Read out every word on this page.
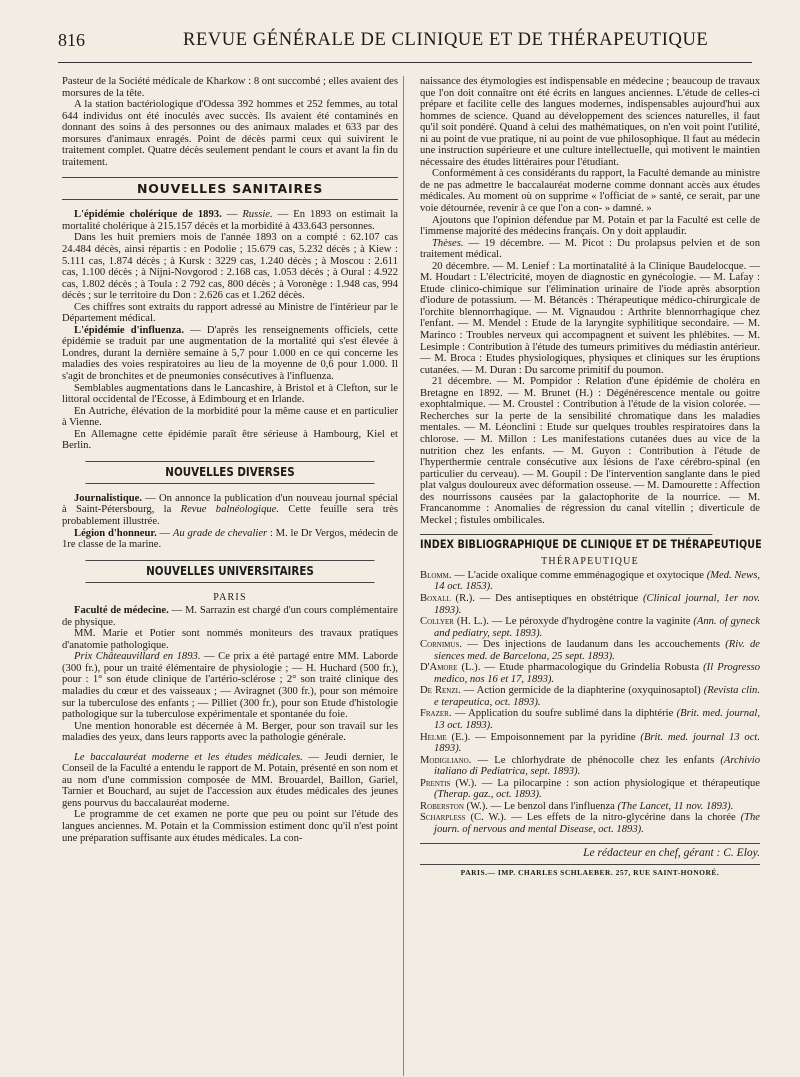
816	REVUE GÉNÉRALE DE CLINIQUE ET DE THÉRAPEUTIQUE

Pasteur de la Société médicale de Kharkow : 8 ont succombé ; elles avaient des morsures de la tête.

A la station bactériologique d'Odessa 392 hommes et 252 femmes, au total 644 individus ont été inoculés avec succès. Ils avaient été contaminés en donnant des soins à des personnes ou des animaux malades et 633 par des morsures d'animaux enragés. Point de décès parmi ceux qui suivirent le traitement complet. Quatre décès seulement pendant le cours et avant la fin du traitement.

NOUVELLES SANITAIRES

L'épidémie cholérique de 1893. — Russie. — En 1893 on estimait la mortalité cholérique à 215.157 décès et la morbidité à 433.643 personnes.

Dans les huit premiers mois de l'année 1893 on a compté : 62.107 cas 24.484 décès, ainsi répartis : en Podolie ; 15.679 cas, 5.232 décès ; à Kiew : 5.111 cas, 1.874 décès ; à Kursk : 3229 cas, 1.240 décès ; à Moscou : 2.611 cas, 1.100 décès ; à Nijni-Novgorod : 2.168 cas, 1.053 décès ; à Oural : 4.922 cas, 1.802 décès ; à Toula : 2 792 cas, 800 décès ; à Voronège : 1.948 cas, 994 décès ; sur le territoire du Don : 2.626 cas et 1.262 décès.

Ces chiffres sont extraits du rapport adressé au Ministre de l'intérieur par le Département médical.

L'épidémie d'influenza. — D'après les renseignements officiels, cette épidémie se traduit par une augmentation de la mortalité qui s'est élevée à Londres, durant la dernière semaine à 5,7 pour 1.000 en ce qui concerne les maladies des voies respiratoires au lieu de la moyenne de 0,6 pour 1.000. Il s'agit de bronchites et de pneumonies consécutives à l'influenza.

Semblables augmentations dans le Lancashire, à Bristol et à Clefton, sur le littoral occidental de l'Ecosse, à Edimbourg et en Irlande.

En Autriche, élévation de la morbidité pour la même cause et en particulier à Vienne.

En Allemagne cette épidémie paraît être sérieuse à Hambourg, Kiel et Berlin.

NOUVELLES DIVERSES

Journalistique. — On annonce la publication d'un nouveau journal spécial à Saint-Pétersbourg, la Revue balnéologique. Cette feuille sera très probablement illustrée.

Légion d'honneur. — Au grade de chevalier : M. le Dr Vergos, médecin de 1re classe de la marine.

NOUVELLES UNIVERSITAIRES
PARIS

Faculté de médecine. — M. Sarrazin est chargé d'un cours complémentaire de physique.

MM. Marie et Potier sont nommés moniteurs des travaux pratiques d'anatomie pathologique.

Prix Châteauvillard en 1893. — Ce prix a été partagé entre MM. Laborde (300 fr.), pour un traité élémentaire de physiologie ; — H. Huchard (500 fr.), pour : 1° son étude clinique de l'artério-sclérose ; 2° son traité clinique des maladies du cœur et des vaisseaux ; — Aviragnet (300 fr.), pour son mémoire sur la tuberculose des enfants ; — Pilliet (300 fr.), pour son Etude d'histologie pathologique sur la tuberculose expérimentale et spontanée du foie.

Une mention honorable est décernée à M. Berger, pour son travail sur les maladies des yeux, dans leurs rapports avec la pathologie générale.

Le baccalauréat moderne et les études médicales. — Jeudi dernier, le Conseil de la Faculté a entendu le rapport de M. Potain, présenté en son nom et au nom d'une commission composée de MM. Brouardel, Baillon, Gariel, Tarnier et Bouchard, au sujet de l'accession aux études médicales des jeunes gens pourvus du baccalauréat moderne.

Le programme de cet examen ne porte que peu ou point sur l'étude des langues anciennes. M. Potain et la Commission estiment donc qu'il n'est point une préparation suffisante aux études médicales. La con-

naissance des étymologies est indispensable en médecine ; beaucoup de travaux que l'on doit connaître ont été écrits en langues anciennes. L'étude de celles-ci prépare et facilite celle des langues modernes, indispensables aujourd'hui aux hommes de science. Quand au développement des sciences naturelles, il faut qu'il soit pondéré. Quand à celui des mathématiques, on n'en voit point l'utilité, ni au point de vue pratique, ni au point de vue philosophique. Il faut au médecin une instruction supérieure et une culture intellectuelle, qui motivent le maintien nécessaire des études littéraires pour l'étudiant.

Conformément à ces considérants du rapport, la Faculté demande au ministre de ne pas admettre le baccalauréat moderne comme donnant accès aux études médicales. Au moment où on supprime « l'officiat de » santé, ce serait, par une voie détournée, revenir à ce que l'on a con- » damné. »

Ajoutons que l'opinion défendue par M. Potain et par la Faculté est celle de l'immense majorité des médecins français. On y doit applaudir.

Thèses. — 19 décembre. — M. Picot : Du prolapsus pelvien et de son traitement médical.

20 décembre. — M. Lenief : La mortinatalité à la Clinique Baudelocque. — M. Houdart : L'électricité, moyen de diagnostic en gynécologie. — M. Lafay : Etude clinico-chimique sur l'élimination urinaire de l'iode après absorption d'iodure de potassium. — M. Bétancès : Thérapeutique médico-chirurgicale de l'orchite blennorrhagique. — M. Vignaudou : Arthrite blennorrhagique chez l'enfant. — M. Mendel : Etude de la laryngite syphilitique secondaire. — M. Marinco : Troubles nerveux qui accompagnent et suivent les phlébites. — M. Lesimple : Contribution à l'étude des tumeurs primitives du médiastin antérieur. — M. Broca : Etudes physiologiques, physiques et cliniques sur les éruptions cutanées. — M. Duran : Du sarcome primitif du poumon.

21 décembre. — M. Pompidor : Relation d'une épidémie de choléra en Bretagne en 1892. — M. Brunet (H.) : Dégénérescence mentale ou goitre exophtalmique. — M. Croustel : Contribution à l'étude de la vision colorée. — Recherches sur la perte de la sensibilité chromatique dans les maladies mentales. — M. Léonclini : Etude sur quelques troubles respiratoires dans la chlorose. — M. Millon : Les manifestations cutanées dues au vice de la nutrition chez les enfants. — M. Guyon : Contribution à l'étude de l'hyperthermie centrale consécutive aux lésions de l'axe cérébro-spinal (en particulier du cerveau). — M. Goupil : De l'intervention sanglante dans le pied plat valgus douloureux avec déformation osseuse. — M. Damourette : Affection des nourrissons causées par la galactophorite de la nourrice. — M. Francanomme : Anomalies de régression du canal vitellin ; diverticule de Meckel ; fistules ombilicales.

INDEX BIBLIOGRAPHIQUE DE CLINIQUE ET DE THÉRAPEUTIQUE
THÉRAPEUTIQUE

Blomm. — L'acide oxalique comme emménagogique et oxytocique (Med. News, 14 oct. 1853).

Boxall (R.). — Des antiseptiques en obstétrique (Clinical journal, 1er nov. 1893).

Collyer (H. L.). — Le péroxyde d'hydrogène contre la vaginite (Ann. of gyneck and pediatry, sept. 1893).

Cornimus. — Des injections de laudanum dans les accouchements (Riv. de siences med. de Barcelona, 25 sept. 1893).

D'Amore (L.). — Etude pharmacologique du Grindelia Robusta (Il Progresso medico, nos 16 et 17, 1893).

De Renzi. — Action germicide de la diaphterine (oxyquinosaptol) (Revista clin. e terapeutica, oct. 1893).

Frazer. — Application du soufre sublimé dans la diphtérie (Brit. med. journal, 13 oct. 1893).

Helme (E.). — Empoisonnement par la pyridine (Brit. med. journal 13 oct. 1893).

Modigliano. — Le chlorhydrate de phénocolle chez les enfants (Archivio italiano di Pediatrica, sept. 1893).

Prentis (W.). — La pilocarpine : son action physiologique et thérapeutique (Therap. gaz., oct. 1893).

Roberston (W.). — Le benzol dans l'influenza (The Lancet, 11 nov. 1893).

Scharpless (C. W.). — Les effets de la nitro-glycérine dans la chorée (The journ. of nervous and mental Disease, oct. 1893).

Le rédacteur en chef, gérant : C. Eloy.
PARIS.— IMP. CHARLES SCHLAEBER. 257, RUE SAINT-HONORÉ.
